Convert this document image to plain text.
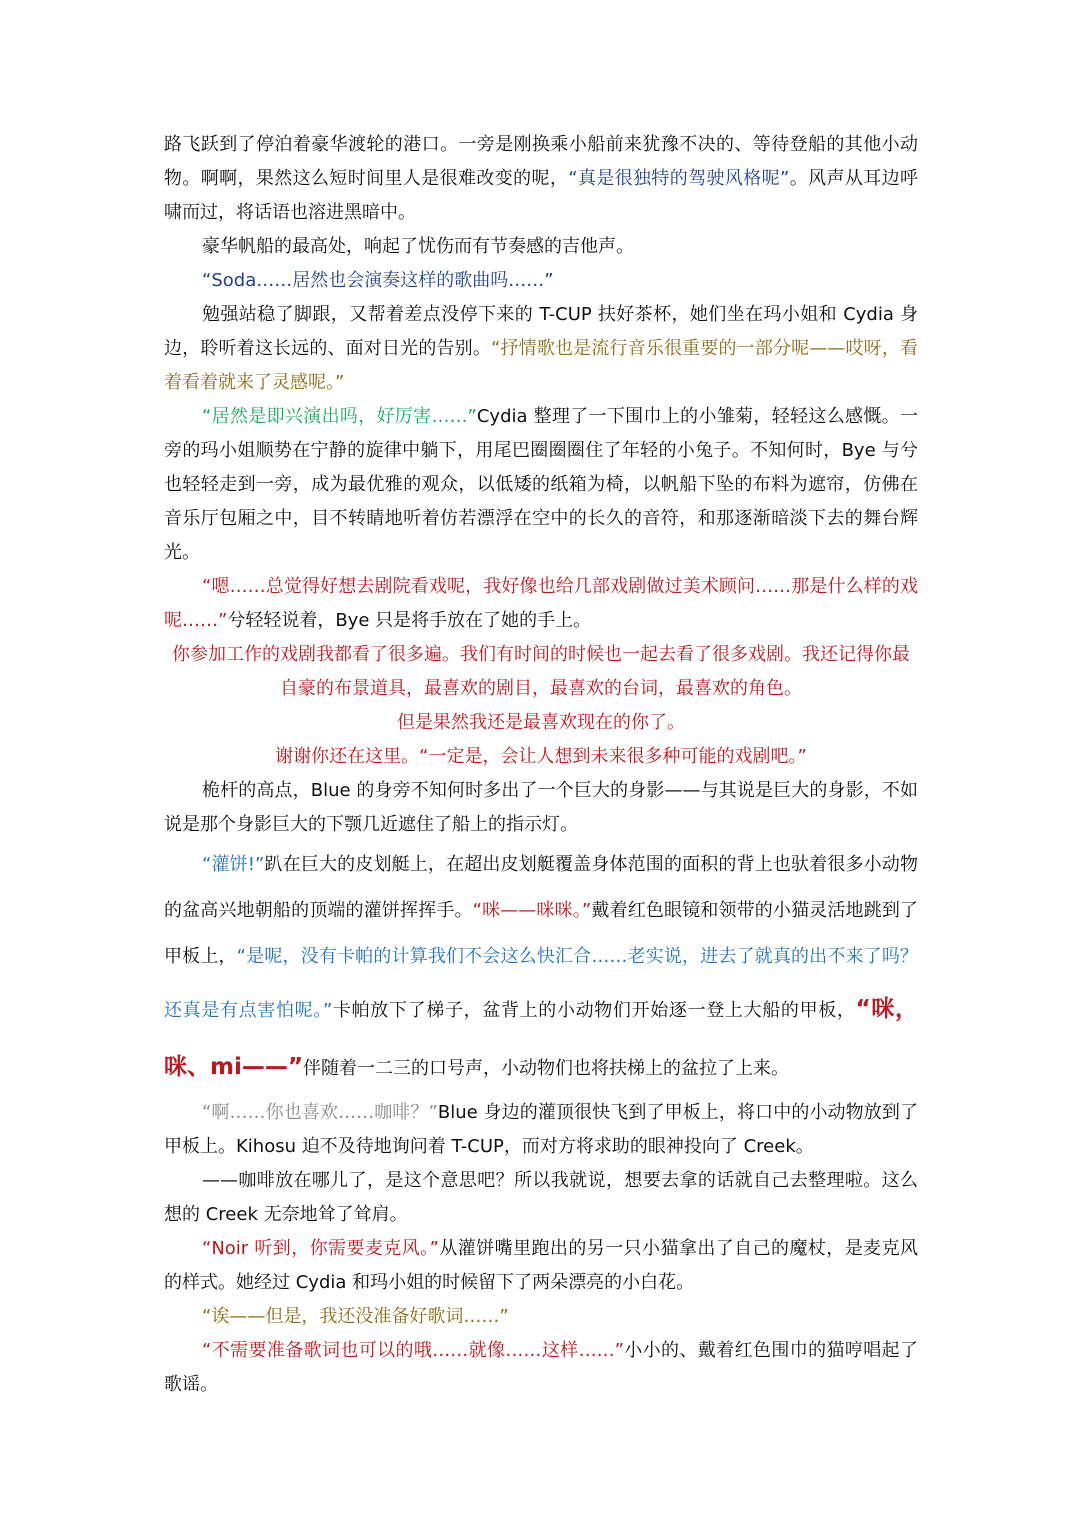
路飞跃到了停泊着豪华渡轮的港口。一旁是刚换乘小船前来犹豫不决的、等待登船的其他小动物。啊啊，果然这么短时间里人是很难改变的呢，“真是很独特的驾驶风格呢”。风声从耳边呼啸而过，将话语也溶进黑暗中。

豪华帆船的最高处，响起了忧伤而有节奏感的吉他声。

“Soda……居然也会演奏这样的歌曲吗……”

勉强站稳了脚跟，又帮着差点没停下来的 T-CUP 扶好茶杯，她们坐在玛小姐和 Cydia 身边，聆听着这长远的、面对日光的告别。“抒情歌也是流行音乐很重要的一部分呢——哎呀，看着看着就来了灵感呢。”

“居然是即兴演出吗，好厉害……”Cydia 整理了一下围巾上的小雏菊，轻轻这么感慨。一旁的玛小姐顺势在宁静的旋律中躺下，用尾巴圈圈圈住了年轻的小兔子。不知何时，Bye 与兮也轻轻走到一旁，成为最优雅的观众，以低矮的纸箱为椅，以帆船下坠的布料为遮帘，仿佛在音乐厅包厢之中，目不转睛地听着仿若漂浮在空中的长久的音符，和那逐渐暗淡下去的舞台辉光。

“嗯……总觉得好想去剧院看戏呢，我好像也给几部戏剧做过美术顾问……那是什么样的戏呢……”兮轻轻说着，Bye 只是将手放在了她的手上。

你参加工作的戏剧我都看了很多遍。我们有时间的时候也一起去看了很多戏剧。我还记得你最自豪的布景道具，最喜欢的剧目，最喜欢的台词，最喜欢的角色。

但是果然我还是最喜欢现在的你了。

谢谢你还在这里。“一定是，会让人想到未来很多种可能的戏剧吧。”

桅杆的高点，Blue 的身旁不知何时多出了一个巨大的身影——与其说是巨大的身影，不如说是那个身影巨大的下颚几近遮住了船上的指示灯。

“灌饼!”趴在巨大的皮划艇上，在超出皮划艇覆盖身体范围的面积的背上也驮着很多小动物的盆高兴地朝船的顶端的灌饼挥挥手。“咪——咪咪。”戴着红色眼镜和领带的小猫灵活地跳到了甲板上，“是呢，没有卡帕的计算我们不会这么快汇合……老实说，进去了就真的出不来了吗？还真是有点害怕呢。”卡帕放下了梯子，盆背上的小动物们开始逐一登上大船的甲板，“咪，咪、mi——”伴随着一二三的口号声，小动物们也将扶梯上的盆拉了上来。

“啊……你也喜欢……咖啡？”Blue 身边的灌顶很快飞到了甲板上，将口中的小动物放到了甲板上。Kihosu 迫不及待地询问着 T-CUP，而对方将求助的眼神投向了 Creek。

——咖啡放在哪儿了，是这个意思吧？所以我就说，想要去拿的话就自己去整理啦。这么想的 Creek 无奈地耸了耸肩。

“Noir 听到，你需要麦克风。”从灌饼嘴里跑出的另一只小猫拿出了自己的魔杖，是麦克风的样式。她经过 Cydia 和玛小姐的时候留下了两朵漂亮的小白花。

“诶——但是，我还没准备好歌词……”

“不需要准备歌词也可以的哦……就像……这样……”小小的、戴着红色围巾的猫哼唱起了歌谣。
